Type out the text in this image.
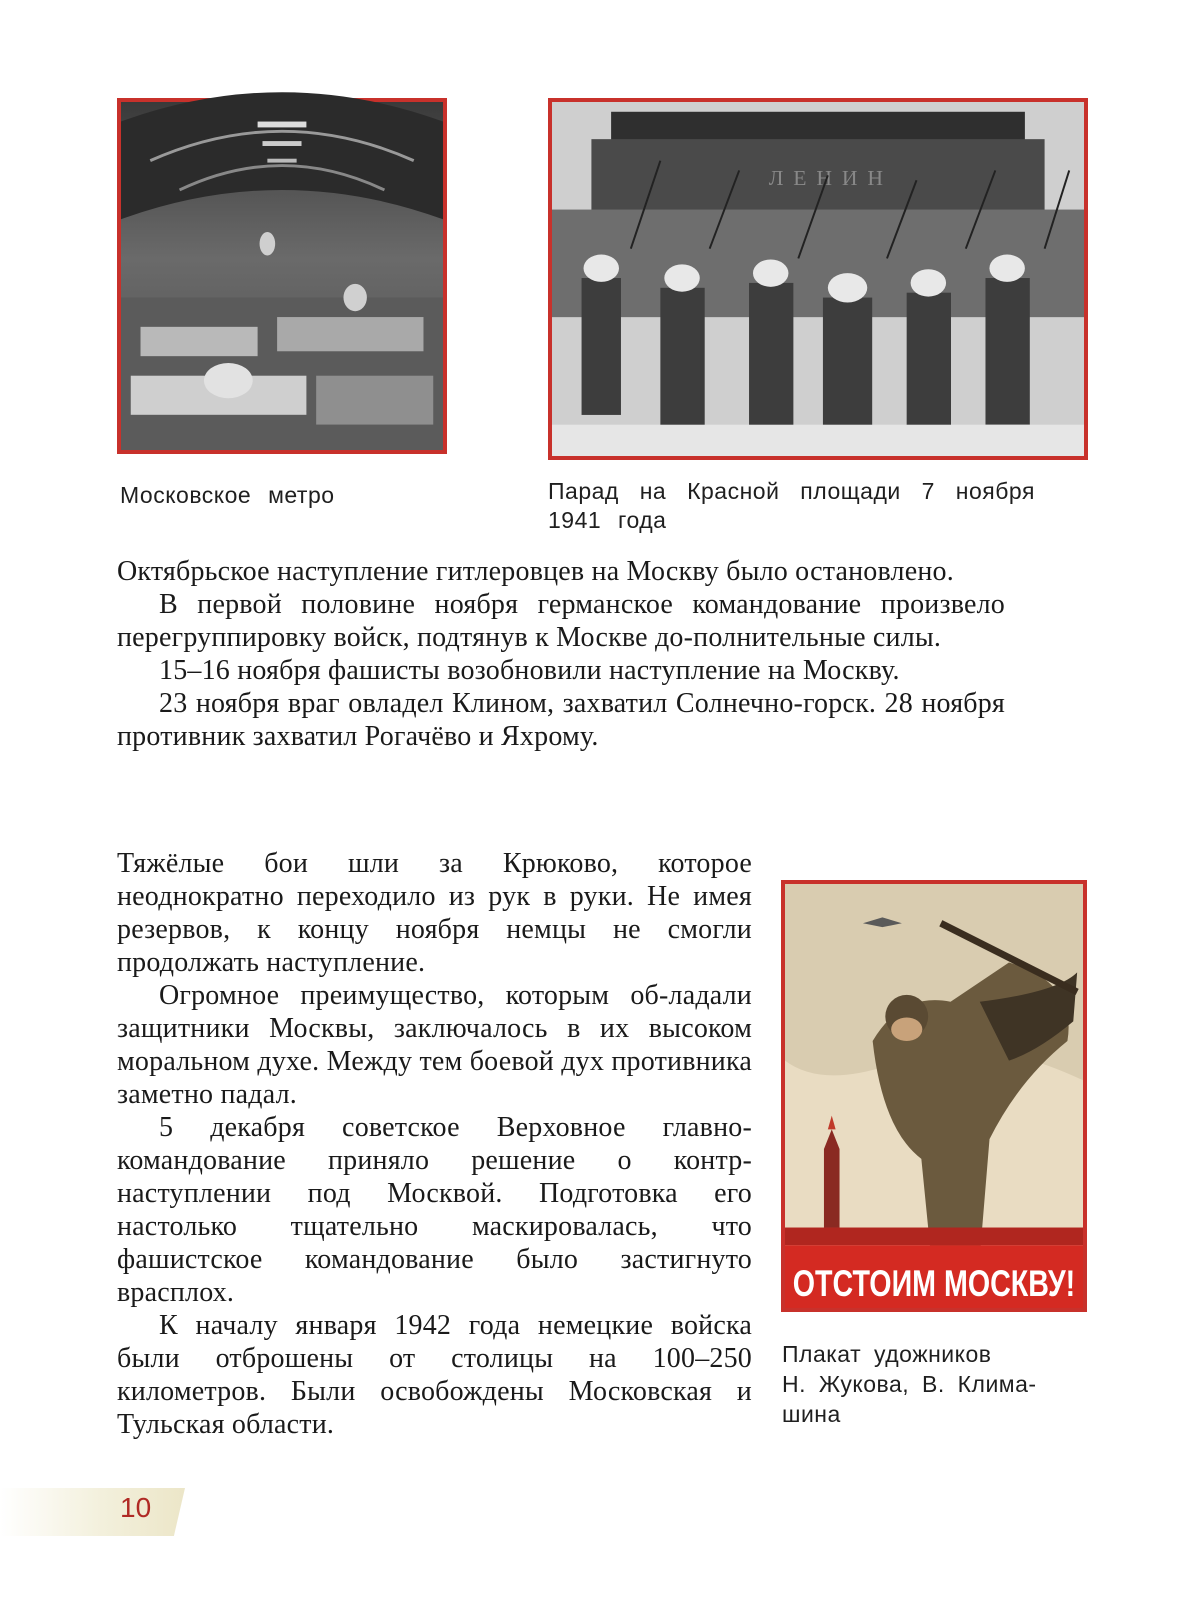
Московское метро
ЛЕНИН
Парад на Красной площади 7 ноября
1941 года

Октябрьское наступление гитлеровцев на Москву было остановлено.

В первой половине ноября германское командование произвело перегруппировку войск, подтянув к Москве до-полнительные силы.

15–16 ноября фашисты возобновили наступление на Москву.

23 ноября враг овладел Клином, захватил Солнечно-горск. 28 ноября противник захватил Рогачёво и Яхрому.

Тяжёлые бои шли за Крюково, которое неоднократно переходило из рук в руки. Не имея резервов, к концу ноября немцы не смогли продолжать наступление.

Огромное преимущество, которым об-ладали защитники Москвы, заключалось в их высоком моральном духе. Между тем боевой дух противника заметно падал.

5 декабря советское Верховное главно-командование приняло решение о контр-наступлении под Москвой. Подготовка его настолько тщательно маскировалась, что фашистское командование было застигнуто врасплох.

К началу января 1942 года немецкие войска были отброшены от столицы на 100–250 километров. Были освобождены Московская и Тульская области.

ОТСТОИМ МОСКВУ!
Плакат удожников
Н. Жукова, В. Клима-
шина
10
